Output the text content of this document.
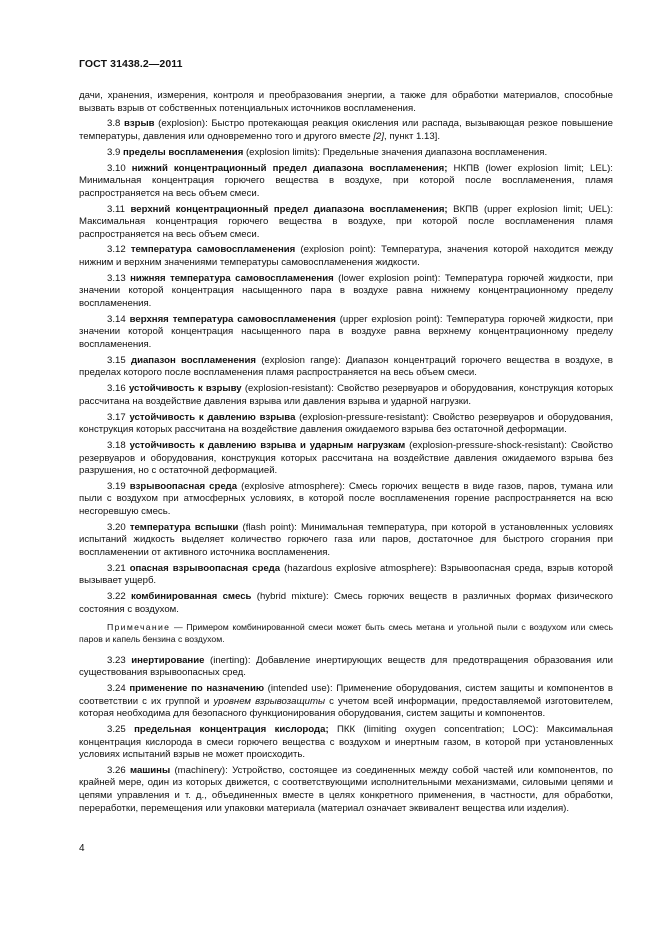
ГОСТ 31438.2—2011

дачи, хранения, измерения, контроля и преобразования энергии, а также для обработки материалов, способные вызвать взрыв от собственных потенциальных источников воспламенения.

3.8 взрыв (explosion): Быстро протекающая реакция окисления или распада, вызывающая резкое повышение температуры, давления или одновременно того и другого вместе [2], пункт 1.13].

3.9 пределы воспламенения (explosion limits): Предельные значения диапазона воспламенения.

3.10 нижний концентрационный предел диапазона воспламенения; НКПВ (lower explosion limit; LEL): Минимальная концентрация горючего вещества в воздухе, при которой после воспламенения, пламя распространяется на весь объем смеси.

3.11 верхний концентрационный предел диапазона воспламенения; ВКПВ (upper explosion limit; UEL): Максимальная концентрация горючего вещества в воздухе, при которой после воспламенения пламя распространяется на весь объем смеси.

3.12 температура самовоспламенения (explosion point): Температура, значения которой находится между нижним и верхним значениями температуры самовоспламенения жидкости.

3.13 нижняя температура самовоспламенения (lower explosion point): Температура горючей жидкости, при значении которой концентрация насыщенного пара в воздухе равна нижнему концентрационному пределу воспламенения.

3.14 верхняя температура самовоспламенения (upper explosion point): Температура горючей жидкости, при значении которой концентрация насыщенного пара в воздухе равна верхнему концентрационному пределу воспламенения.

3.15 диапазон воспламенения (explosion range): Диапазон концентраций горючего вещества в воздухе, в пределах которого после воспламенения пламя распространяется на весь объем смеси.

3.16 устойчивость к взрыву (explosion-resistant): Свойство резервуаров и оборудования, конструкция которых рассчитана на воздействие давления взрыва или давления взрыва и ударной нагрузки.

3.17 устойчивость к давлению взрыва (explosion-pressure-resistant): Свойство резервуаров и оборудования, конструкция которых рассчитана на воздействие давления ожидаемого взрыва без остаточной деформации.

3.18 устойчивость к давлению взрыва и ударным нагрузкам (explosion-pressure-shock-resistant): Свойство резервуаров и оборудования, конструкция которых рассчитана на воздействие давления ожидаемого взрыва без разрушения, но с остаточной деформацией.

3.19 взрывоопасная среда (explosive atmosphere): Смесь горючих веществ в виде газов, паров, тумана или пыли с воздухом при атмосферных условиях, в которой после воспламенения горение распространяется на всю несгоревшую смесь.

3.20 температура вспышки (flash point): Минимальная температура, при которой в установленных условиях испытаний жидкость выделяет количество горючего газа или паров, достаточное для быстрого сгорания при воспламенении от активного источника воспламенения.

3.21 опасная взрывоопасная среда (hazardous explosive atmosphere): Взрывоопасная среда, взрыв которой вызывает ущерб.

3.22 комбинированная смесь (hybrid mixture): Смесь горючих веществ в различных формах физического состояния с воздухом.

Примечание — Примером комбинированной смеси может быть смесь метана и угольной пыли с воздухом или смесь паров и капель бензина с воздухом.

3.23 инертирование (inerting): Добавление инертирующих веществ для предотвращения образования или существования взрывоопасных сред.

3.24 применение по назначению (intended use): Применение оборудования, систем защиты и компонентов в соответствии с их группой и уровнем взрывозащиты с учетом всей информации, предоставляемой изготовителем, которая необходима для безопасного функционирования оборудования, систем защиты и компонентов.

3.25 предельная концентрация кислорода; ПКК (limiting oxygen concentration; LOC): Максимальная концентрация кислорода в смеси горючего вещества с воздухом и инертным газом, в которой при установленных условиях испытаний взрыв не может происходить.

3.26 машины (machinery): Устройство, состоящее из соединенных между собой частей или компонентов, по крайней мере, один из которых движется, с соответствующими исполнительными механизмами, силовыми цепями и цепями управления и т. д., объединенных вместе в целях конкретного применения, в частности, для обработки, переработки, перемещения или упаковки материала (материал означает эквивалент вещества или изделия).

4
